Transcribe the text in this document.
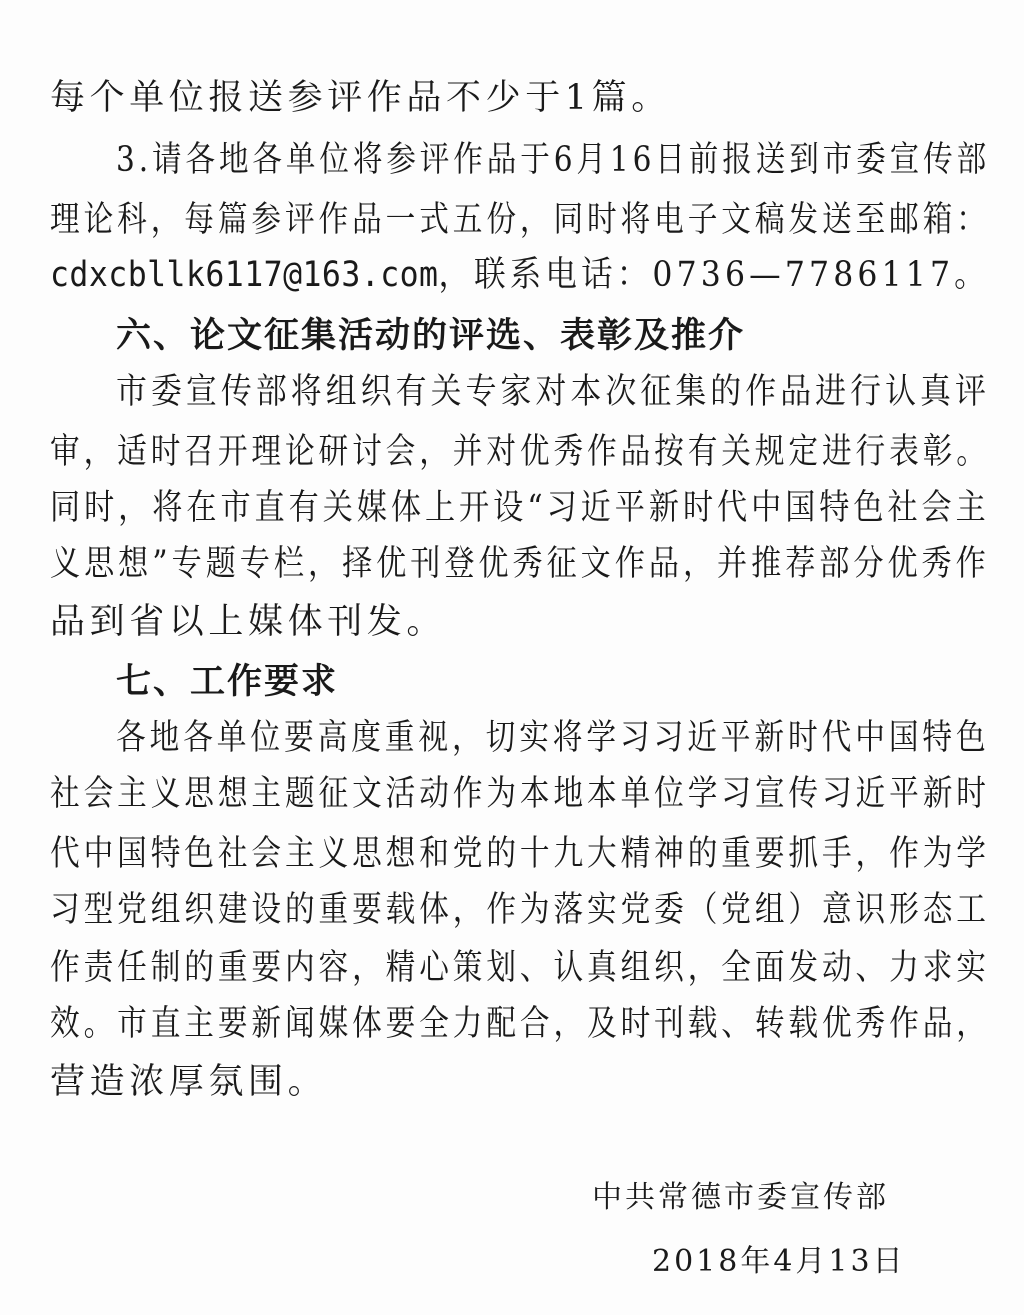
每个单位报送参评作品不少于1篇。
3.请各地各单位将参评作品于6月16日前报送到市委宣传部
理论科，每篇参评作品一式五份，同时将电子文稿发送至邮箱：
cdxcbllk6117@163.com，联系电话：0736—7786117。
六、论文征集活动的评选、表彰及推介
市委宣传部将组织有关专家对本次征集的作品进行认真评
审，适时召开理论研讨会，并对优秀作品按有关规定进行表彰。
同时，将在市直有关媒体上开设“习近平新时代中国特色社会主
义思想”专题专栏，择优刊登优秀征文作品，并推荐部分优秀作
品到省以上媒体刊发。
七、工作要求
各地各单位要高度重视，切实将学习习近平新时代中国特色
社会主义思想主题征文活动作为本地本单位学习宣传习近平新时
代中国特色社会主义思想和党的十九大精神的重要抓手，作为学
习型党组织建设的重要载体，作为落实党委（党组）意识形态工
作责任制的重要内容，精心策划、认真组织，全面发动、力求实
效。市直主要新闻媒体要全力配合，及时刊载、转载优秀作品，
营造浓厚氛围。
中共常德市委宣传部
2018年4月13日
